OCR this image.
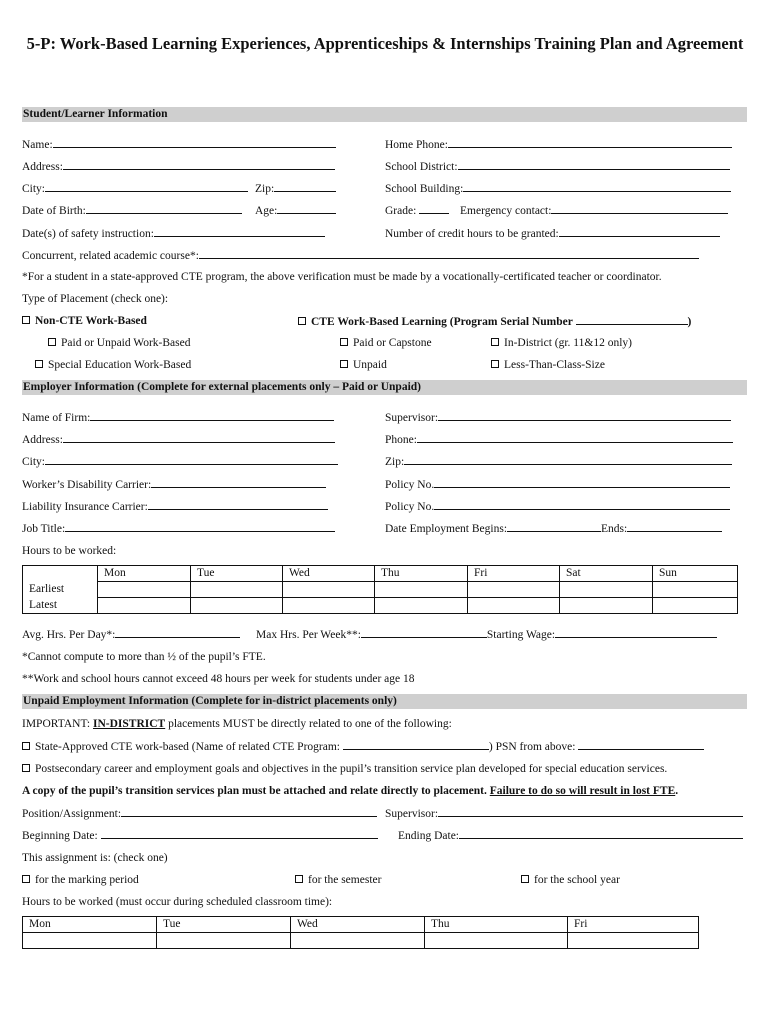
5-P: Work-Based Learning Experiences, Apprenticeships & Internships Training Plan and Agreement
Student/Learner Information
Name:	Home Phone:
Address:	School District:
City:	Zip:	School Building:
Date of Birth:	Age:	Grade:	Emergency contact:
Date(s) of safety instruction:	Number of credit hours to be granted:
Concurrent, related academic course*:
*For a student in a state-approved CTE program, the above verification must be made by a vocationally-certificated teacher or coordinator.
Type of Placement (check one):
Non-CTE Work-Based	CTE Work-Based Learning (Program Serial Number	)
Paid or Unpaid Work-Based	Paid or Capstone	In-District (gr. 11&12 only)
Special Education Work-Based	Unpaid	Less-Than-Class-Size
Employer Information (Complete for external placements only – Paid or Unpaid)
Name of Firm:	Supervisor:
Address:	Phone:
City:	Zip:
Worker’s Disability Carrier:	Policy No.
Liability Insurance Carrier:	Policy No.
Job Title:	Date Employment Begins:	Ends:
Hours to be worked:
	Mon	Tue	Wed	Thu	Fri	Sat	Sun
Earliest							
Latest							
Avg. Hrs. Per Day*:	Max Hrs. Per Week**:	Starting Wage:
*Cannot compute to more than ½ of the pupil’s FTE.
**Work and school hours cannot exceed 48 hours per week for students under age 18
Unpaid Employment Information (Complete for in-district placements only)
IMPORTANT: IN-DISTRICT placements MUST be directly related to one of the following:
State-Approved CTE work-based (Name of related CTE Program:	) PSN from above:
Postsecondary career and employment goals and objectives in the pupil’s transition service plan developed for special education services.
A copy of the pupil’s transition services plan must be attached and relate directly to placement. Failure to do so will result in lost FTE.
Position/Assignment:	Supervisor:
Beginning Date:	Ending Date:
This assignment is: (check one)
for the marking period	for the semester	for the school year
Hours to be worked (must occur during scheduled classroom time):
Mon	Tue	Wed	Thu	Fri
